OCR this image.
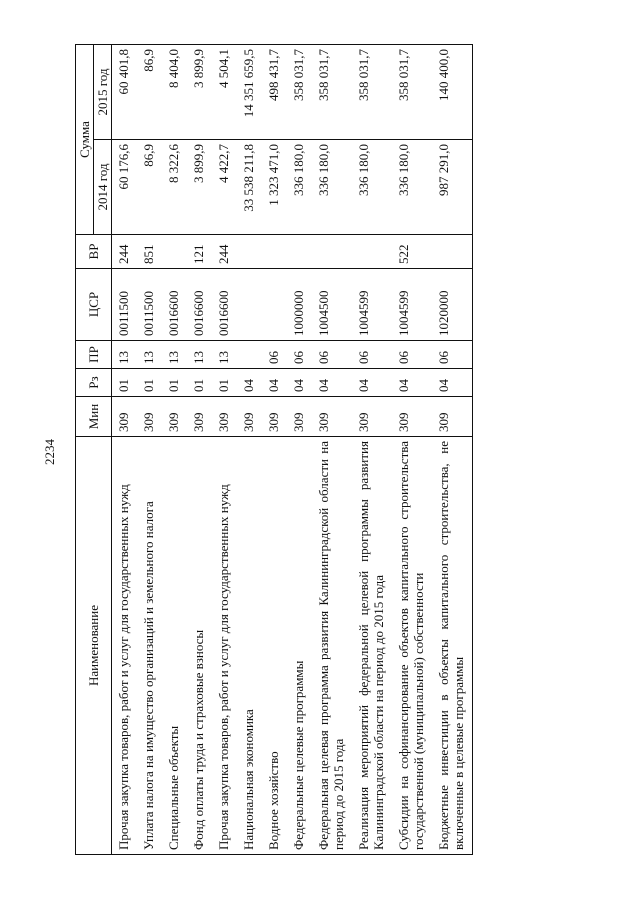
2234
Наименование	Мин	Рз	ПР	ЦСР	ВР	Сумма	
						2014 год	2015 год
Прочая закупка товаров, работ и услуг для государственных нужд	309	01	13	0011500	244	60 176,6	60 401,8
Уплата налога на имущество организаций и земельного налога	309	01	13	0011500	851	86,9	86,9
Специальные объекты	309	01	13	0016600		8 322,6	8 404,0
Фонд оплаты труда и страховые взносы	309	01	13	0016600	121	3 899,9	3 899,9
Прочая закупка товаров, работ и услуг для государственных нужд	309	01	13	0016600	244	4 422,7	4 504,1
Национальная экономика	309	04				33 538 211,8	14 351 659,5
Водное хозяйство	309	04	06			1 323 471,0	498 431,7
Федеральные целевые программы	309	04	06	1000000		336 180,0	358 031,7
Федеральная целевая программа развития Калининградской области на период до 2015 года	309	04	06	1004500		336 180,0	358 031,7
Реализация мероприятий федеральной целевой программы развития Калининградской области на период до 2015 года	309	04	06	1004599		336 180,0	358 031,7
Субсидии на софинансирование объектов капитального строительства государственной (муниципальной) собственности	309	04	06	1004599	522	336 180,0	358 031,7
Бюджетные инвестиции в объекты капитального строительства, не включенные в целевые программы	309	04	06	1020000		987 291,0	140 400,0
